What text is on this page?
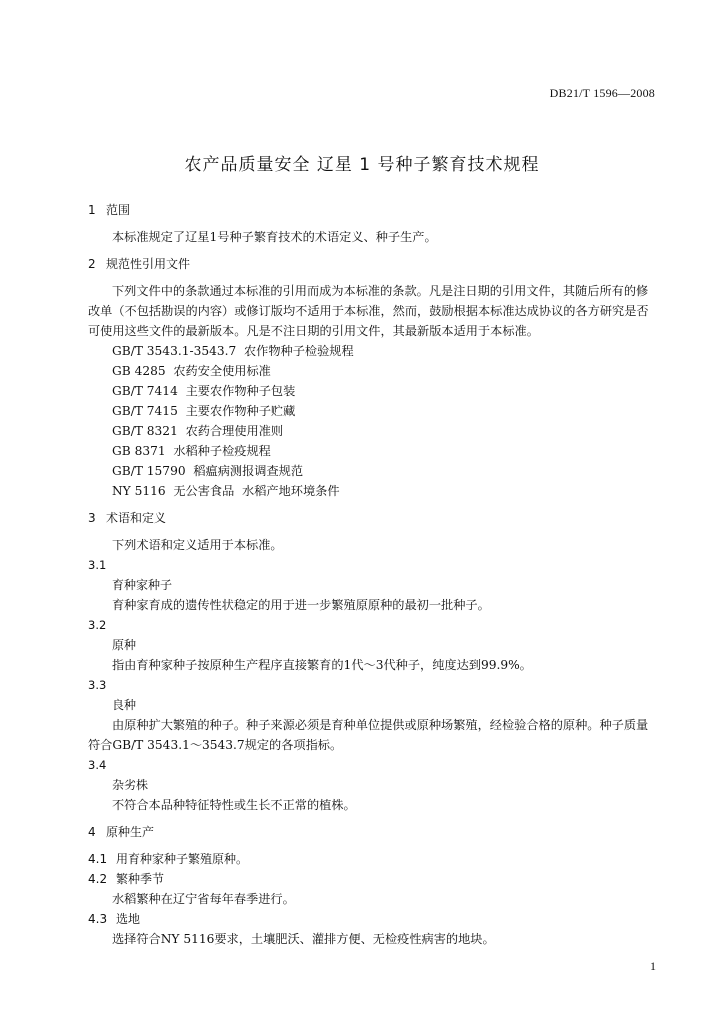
DB21/T 1596—2008
农产品质量安全 辽星 1 号种子繁育技术规程
1 范围
本标准规定了辽星1号种子繁育技术的术语定义、种子生产。
2 规范性引用文件
下列文件中的条款通过本标准的引用而成为本标准的条款。凡是注日期的引用文件，其随后所有的修改单（不包括勘误的内容）或修订版均不适用于本标准，然而，鼓励根据本标准达成协议的各方研究是否可使用这些文件的最新版本。凡是不注日期的引用文件，其最新版本适用于本标准。
GB/T 3543.1-3543.7  农作物种子检验规程
GB 4285  农药安全使用标准
GB/T 7414  主要农作物种子包装
GB/T 7415  主要农作物种子贮藏
GB/T 8321  农药合理使用准则
GB 8371  水稻种子检疫规程
GB/T 15790  稻瘟病测报调查规范
NY 5116  无公害食品  水稻产地环境条件
3 术语和定义
下列术语和定义适用于本标准。
3.1
育种家种子
育种家育成的遗传性状稳定的用于进一步繁殖原原种的最初一批种子。
3.2
原种
指由育种家种子按原种生产程序直接繁育的1代～3代种子，纯度达到99.9%。
3.3
良种
由原种扩大繁殖的种子。种子来源必须是育种单位提供或原种场繁殖，经检验合格的原种。种子质量符合GB/T 3543.1～3543.7规定的各项指标。
3.4
杂劣株
不符合本品种特征特性或生长不正常的植株。
4 原种生产
4.1 用育种家种子繁殖原种。
4.2 繁种季节
水稻繁种在辽宁省每年春季进行。
4.3 选地
选择符合NY 5116要求，土壤肥沃、灌排方便、无检疫性病害的地块。
1
